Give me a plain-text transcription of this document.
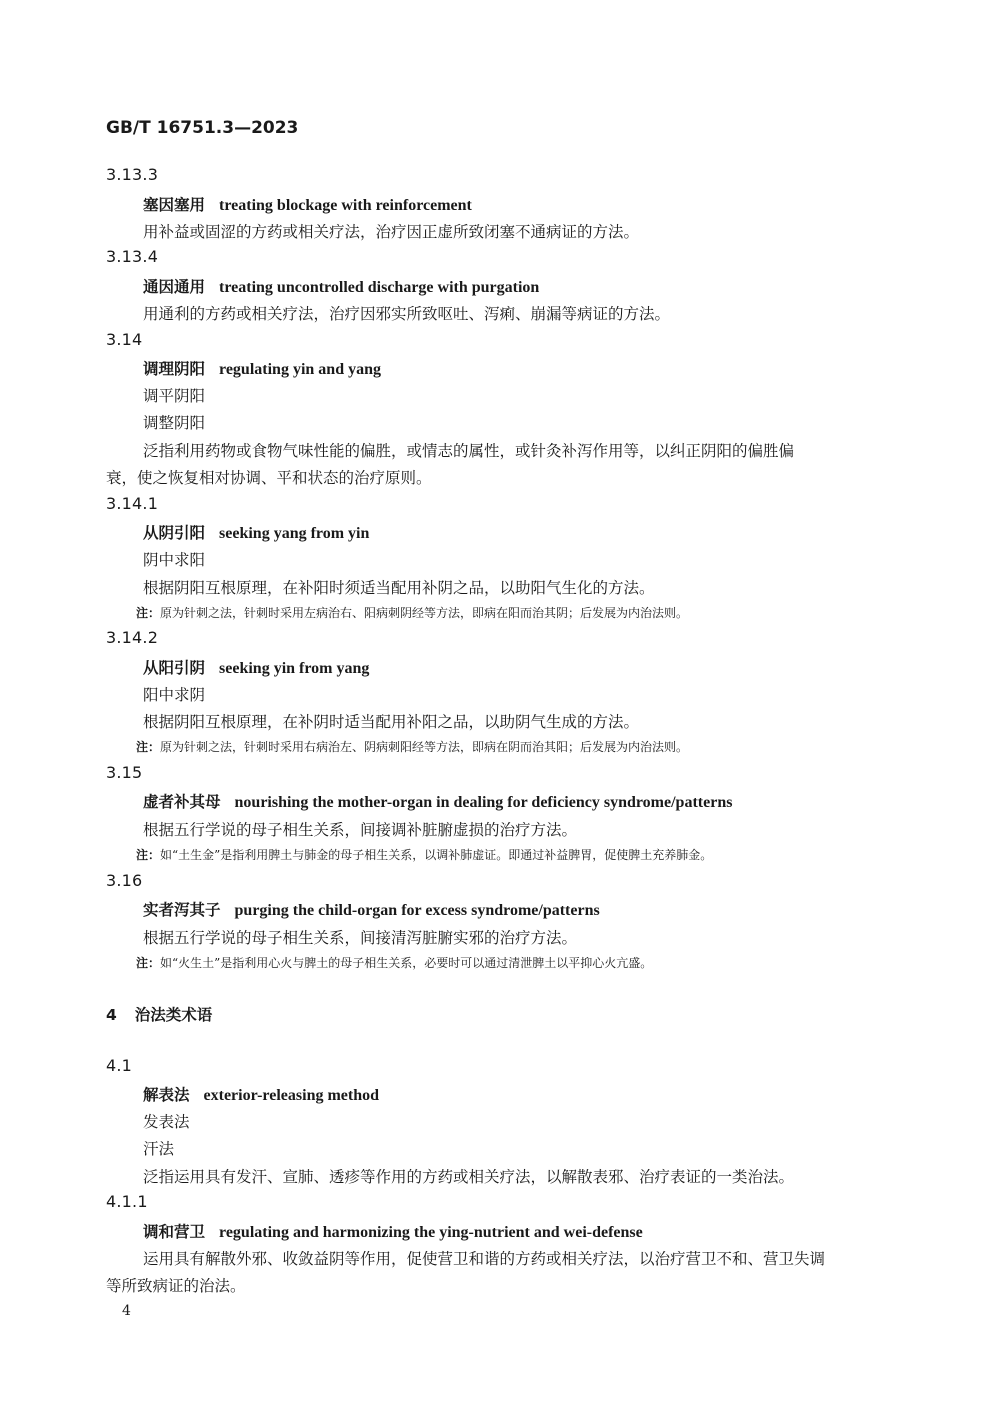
GB/T 16751.3—2023
3.13.3
塞因塞用 treating blockage with reinforcement
用补益或固涩的方药或相关疗法，治疗因正虚所致闭塞不通病证的方法。
3.13.4
通因通用 treating uncontrolled discharge with purgation
用通利的方药或相关疗法，治疗因邪实所致呕吐、泻痢、崩漏等病证的方法。
3.14
调理阴阳 regulating yin and yang
调平阴阳
调整阴阳
泛指利用药物或食物气味性能的偏胜，或情志的属性，或针灸补泻作用等，以纠正阴阳的偏胜偏
衰，使之恢复相对协调、平和状态的治疗原则。
3.14.1
从阴引阳 seeking yang from yin
阴中求阳
根据阴阳互根原理，在补阳时须适当配用补阴之品，以助阳气生化的方法。
注：原为针刺之法，针刺时采用左病治右、阳病刺阴经等方法，即病在阳而治其阴；后发展为内治法则。
3.14.2
从阳引阴 seeking yin from yang
阳中求阴
根据阴阳互根原理，在补阴时适当配用补阳之品，以助阴气生成的方法。
注：原为针刺之法，针刺时采用右病治左、阴病刺阳经等方法，即病在阴而治其阳；后发展为内治法则。
3.15
虚者补其母 nourishing the mother-organ in dealing for deficiency syndrome/patterns
根据五行学说的母子相生关系，间接调补脏腑虚损的治疗方法。
注：如“土生金”是指利用脾土与肺金的母子相生关系，以调补肺虚证。即通过补益脾胃，促使脾土充养肺金。
3.16
实者泻其子 purging the child-organ for excess syndrome/patterns
根据五行学说的母子相生关系，间接清泻脏腑实邪的治疗方法。
注：如“火生土”是指利用心火与脾土的母子相生关系，必要时可以通过清泄脾土以平抑心火亢盛。
4 治法类术语
4.1
解表法 exterior-releasing method
发表法
汗法
泛指运用具有发汗、宣肺、透疹等作用的方药或相关疗法，以解散表邪、治疗表证的一类治法。
4.1.1
调和营卫 regulating and harmonizing the ying-nutrient and wei-defense
运用具有解散外邪、收敛益阴等作用，促使营卫和谐的方药或相关疗法，以治疗营卫不和、营卫失调
等所致病证的治法。
4
